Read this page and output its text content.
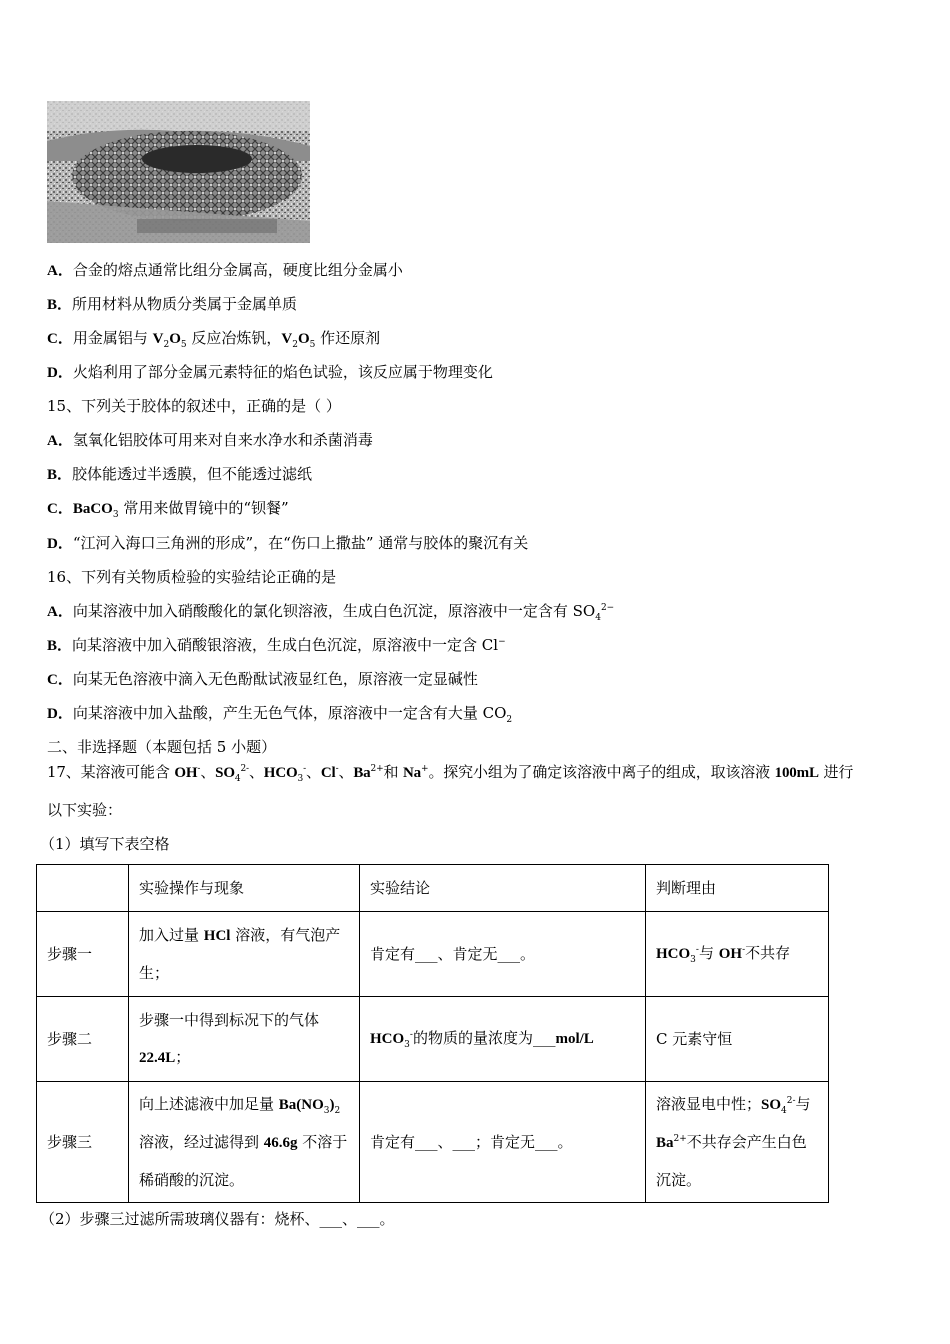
A．合金的熔点通常比组分金属高，硬度比组分金属小
B．所用材料从物质分类属于金属单质
C．用金属铝与 $V_2O_5$ 反应冶炼钒，$V_2O_5$ 作还原剂
D．火焰利用了部分金属元素特征的焰色试验，该反应属于物理变化
15、下列关于胶体的叙述中，正确的是（ ）
A．氢氧化铝胶体可用来对自来水净水和杀菌消毒
B．胶体能透过半透膜，但不能透过滤纸
C．BaCO$_3$ 常用来做胃镜中的“钡餐”
D．“江河入海口三角洲的形成”，在“伤口上撒盐” 通常与胶体的聚沉有关
16、下列有关物质检验的实验结论正确的是
A．向某溶液中加入硝酸酸化的氯化钡溶液，生成白色沉淀，原溶液中一定含有 $SO_4^{2-}$
B．向某溶液中加入硝酸银溶液，生成白色沉淀，原溶液中一定含 Cl−
C．向某无色溶液中滴入无色酚酞试液显红色，原溶液一定显碱性
D．向某溶液中加入盐酸，产生无色气体，原溶液中一定含有大量 $CO_2$
二、非选择题（本题包括 5 小题）
17、某溶液可能含 OH-、$SO_4^{2-}$、$HCO_3^-$、Cl-、$Ba^{2+}$和 Na+。探究小组为了确定该溶液中离子的组成，取该溶液 100mL 进行
以下实验：
（1）填写下表空格
	实验操作与现象	实验结论	判断理由
步骤一	加入过量 HCl 溶液，有气泡产生；	肯定有___、肯定无___。	$HCO_3^-$与 OH-不共存
步骤二	步骤一中得到标况下的气体 22.4L；	$HCO_3^-$的物质的量浓度为___mol/L	C 元素守恒
步骤三	向上述滤液中加足量 $Ba(NO_3)_2$ 溶液，经过滤得到 46.6g 不溶于稀硝酸的沉淀。	肯定有___、___；肯定无___。	溶液显电中性；$SO_4^{2-}$与 $Ba^{2+}$不共存会产生白色沉淀。
（2）步骤三过滤所需玻璃仪器有：烧杯、___、___。
